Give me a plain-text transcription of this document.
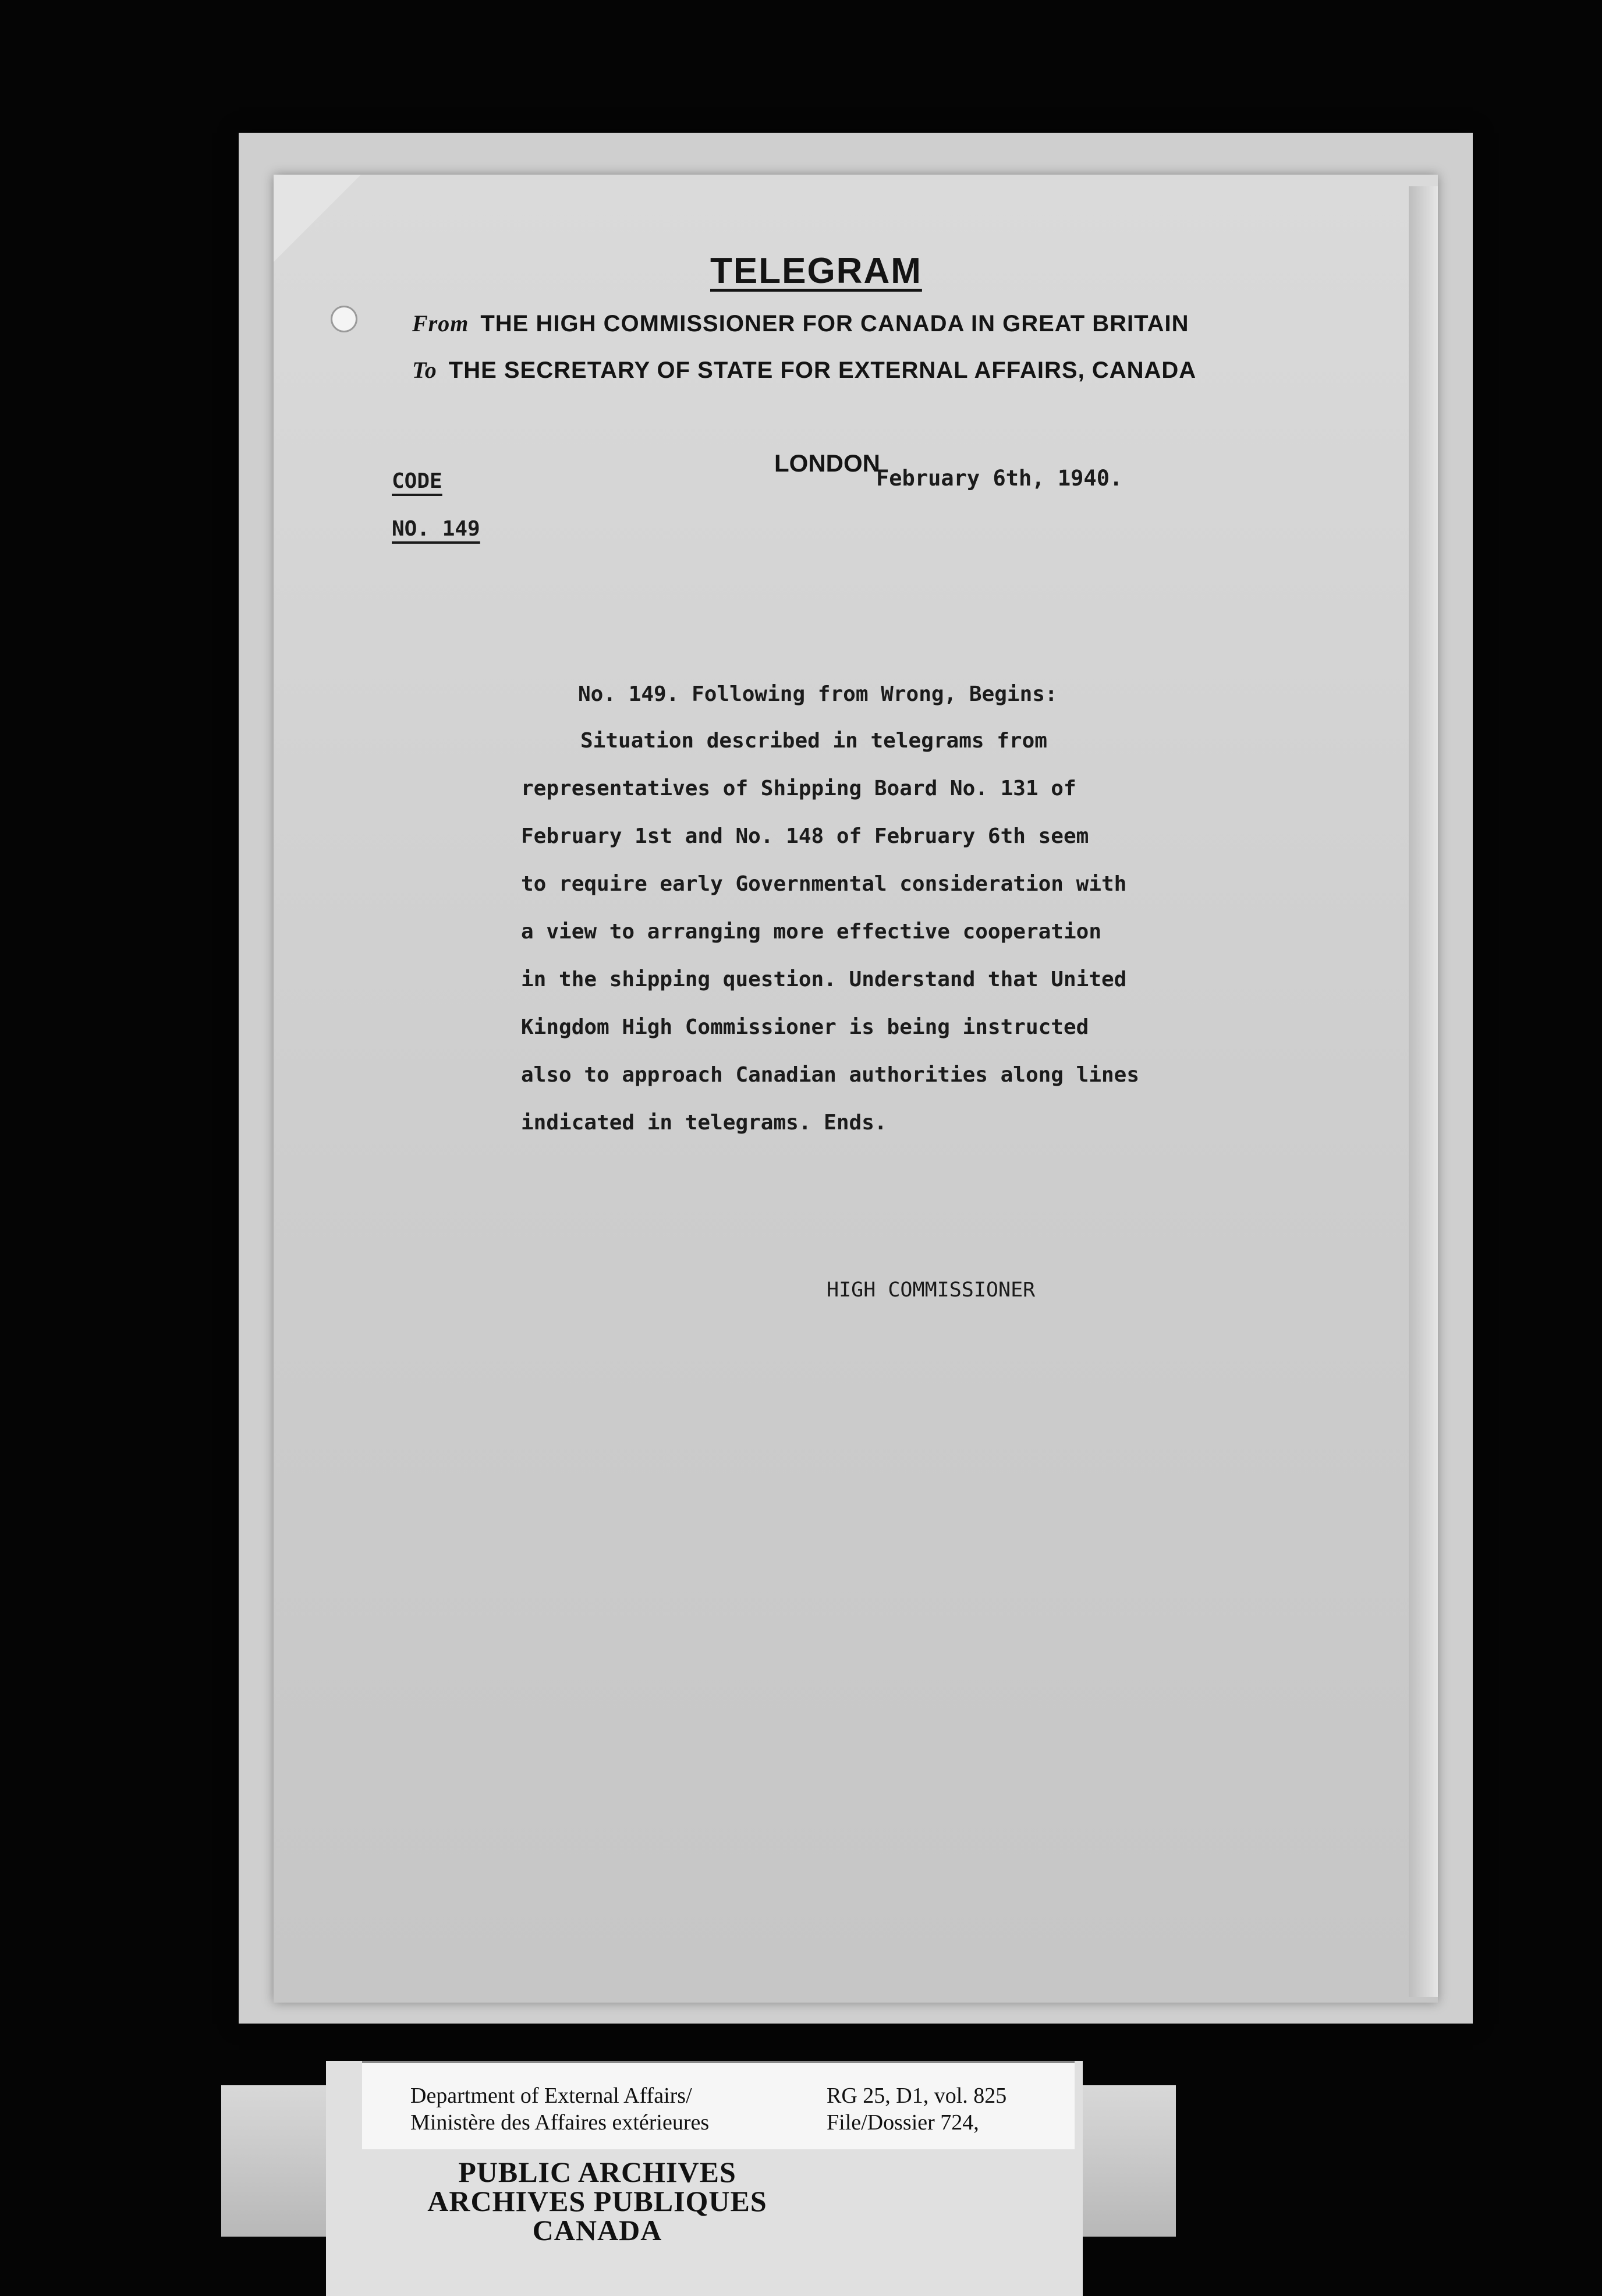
TELEGRAM
From THE HIGH COMMISSIONER FOR CANADA IN GREAT BRITAIN
To THE SECRETARY OF STATE FOR EXTERNAL AFFAIRS, CANADA
CODE
NO. 149
LONDON
February 6th, 1940.
No. 149. Following from Wrong, Begins:
Situation described in telegrams from
representatives of Shipping Board No. 131 of
February 1st and No. 148 of February 6th seem
to require early Governmental consideration with
a view to arranging more effective cooperation
in the shipping question. Understand that United
Kingdom High Commissioner is being instructed
also to approach Canadian authorities along lines
indicated in telegrams. Ends.
HIGH COMMISSIONER
Department of External Affairs/
Ministère des Affaires extérieures
RG 25, D1, vol. 825
File/Dossier 724,
PUBLIC ARCHIVES
ARCHIVES PUBLIQUES
CANADA
